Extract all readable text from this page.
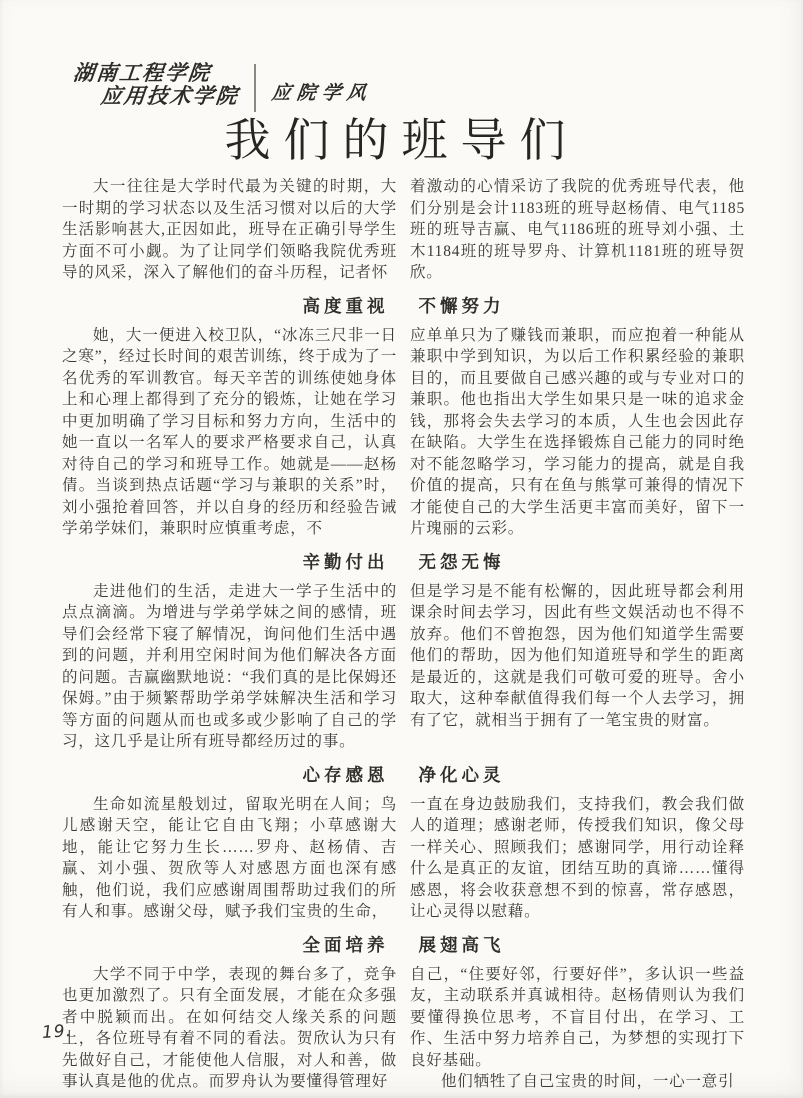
湖南工程学院
应用技术学院 应院学风
我们的班导们

大一往往是大学时代最为关键的时期，大一时期的学习状态以及生活习惯对以后的大学生活影响甚大,正因如此，班导在正确引导学生方面不可小觑。为了让同学们领略我院优秀班导的风采，深入了解他们的奋斗历程，记者怀

着激动的心情采访了我院的优秀班导代表，他们分别是会计1183班的班导赵杨倩、电气1185班的班导吉赢、电气1186班的班导刘小强、土木1184班的班导罗舟、计算机1181班的班导贺欣。

高度重视 不懈努力

她，大一便进入校卫队，“冰冻三尺非一日之寒”，经过长时间的艰苦训练，终于成为了一名优秀的军训教官。每天辛苦的训练使她身体上和心理上都得到了充分的锻炼，让她在学习中更加明确了学习目标和努力方向，生活中的她一直以一名军人的要求严格要求自己，认真对待自己的学习和班导工作。她就是——赵杨倩。当谈到热点话题“学习与兼职的关系”时，刘小强抢着回答，并以自身的经历和经验告诫学弟学妹们，兼职时应慎重考虑，不

应单单只为了赚钱而兼职，而应抱着一种能从兼职中学到知识，为以后工作积累经验的兼职目的，而且要做自己感兴趣的或与专业对口的兼职。他也指出大学生如果只是一味的追求金钱，那将会失去学习的本质，人生也会因此存在缺陷。大学生在选择锻炼自己能力的同时绝对不能忽略学习，学习能力的提高，就是自我价值的提高，只有在鱼与熊掌可兼得的情况下才能使自己的大学生活更丰富而美好，留下一片瑰丽的云彩。

辛勤付出 无怨无悔

走进他们的生活，走进大一学子生活中的点点滴滴。为增进与学弟学妹之间的感情，班导们会经常下寝了解情况，询问他们生活中遇到的问题，并利用空闲时间为他们解决各方面的问题。吉赢幽默地说：“我们真的是比保姆还保姆。”由于频繁帮助学弟学妹解决生活和学习等方面的问题从而也或多或少影响了自己的学习，这几乎是让所有班导都经历过的事。

但是学习是不能有松懈的，因此班导都会利用课余时间去学习，因此有些文娱活动也不得不放弃。他们不曾抱怨，因为他们知道学生需要他们的帮助，因为他们知道班导和学生的距离是最近的，这就是我们可敬可爱的班导。舍小取大，这种奉献值得我们每一个人去学习，拥有了它，就相当于拥有了一笔宝贵的财富。

心存感恩 净化心灵

生命如流星般划过，留取光明在人间；鸟儿感谢天空，能让它自由飞翔；小草感谢大地，能让它努力生长……罗舟、赵杨倩、吉赢、刘小强、贺欣等人对感恩方面也深有感触，他们说，我们应感谢周围帮助过我们的所有人和事。感谢父母，赋予我们宝贵的生命，

一直在身边鼓励我们，支持我们，教会我们做人的道理；感谢老师，传授我们知识，像父母一样关心、照顾我们；感谢同学，用行动诠释什么是真正的友谊，团结互助的真谛……懂得感恩，将会收获意想不到的惊喜，常存感恩，让心灵得以慰藉。

全面培养 展翅高飞

大学不同于中学，表现的舞台多了，竞争也更加激烈了。只有全面发展，才能在众多强者中脱颖而出。在如何结交人缘关系的问题上，各位班导有着不同的看法。贺欣认为只有先做好自己，才能使他人信服，对人和善，做事认真是他的优点。而罗舟认为要懂得管理好

自己，“住要好邻，行要好伴”，多认识一些益友，主动联系并真诚相待。赵杨倩则认为我们要懂得换位思考，不盲目付出，在学习、工作、生活中努力培养自己，为梦想的实现打下良好基础。

他们牺牲了自己宝贵的时间，一心一意引

19.
